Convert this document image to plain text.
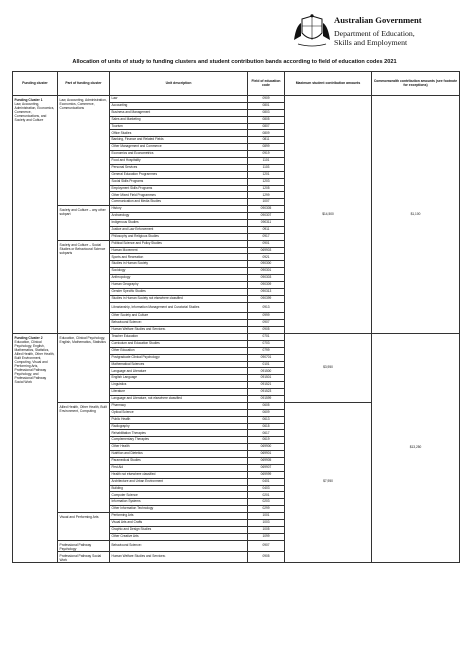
Australian Government
Department of Education,
Skills and Employment
Allocation of units of study to funding clusters and student contribution bands according to field of education codes 2021
Funding cluster	Part of funding cluster	Unit description	Field of education code	Maximum student contribution amounts	Commonwealth contribution amounts (see footnote for exceptions)

Funding Cluster 1
Law, Accounting, Administration, Economics, Commerce, Communications, and Society and Culture	Law, Accounting, Administration, Economics, Commerce, Communications	Law	0909	$14,500	$1,100
		Accounting	0801		
		Business and Management	0803		
		Sales and Marketing	0805		
		Tourism	0807		
		Office Studies	0809		
		Banking, Finance and Related Fields	0811		
		Other Management and Commerce	0899		
		Economics and Econometrics	0919		
		Food and Hospitality	1101		
		Personal Services	1103		
		General Education Programmes	1201		
		Social Skills Programs	1203		
		Employment Skills Programs	1205		
		Other Mixed Field Programmes	1299		
		Communication and Media Studies	1007		
	Society and Culture – any other subpart	History	090305		
		Archaeology	090307		
		Indigenous Studies	090311		
		Justice and Law Enforcement	0911		
		Philosophy and Religious Studies	0917		
	Society and Culture – Social Studies or Behavioural Science subparts	Political Science and Policy Studies	0901		
		Human Movement	069903		
		Sports and Recreation	0921		
		Studies in Human Society	090300		
		Sociology	090301		
		Anthropology	090303		
		Human Geography	090309		
		Gender Specific Studies	090313		
		Studies in Human Society not elsewhere classified	090399		
		Librarianship, Information Management and Curatorial Studies	0913		
		Other Society and Culture	0999		
		Behavioural Science¹	0907		
		Human Welfare Studies and Services¹	0905		

Funding Cluster 2
Education, Clinical Psychology, English, Mathematics, Statistics, Allied Health, Other Health, Built Environment, Computing, Visual and Performing Arts, Professional Pathway Psychology, and Professional Pathway Social Work	Education, Clinical Psychology, English, Mathematics, Statistics	Teacher Education	0701	$3,950	$13,250
		Curriculum and Education Studies	0703		
		Other Education	0799		
		Postgraduate Clinical Psychology²	090701		
		Mathematical Sciences	0101		
		Language and Literature	091500		
		English Language	091501		
		Linguistics	091521		
		Literature	091523		
		Language and Literature, not elsewhere classified	091599		
	Allied Health, Other Health, Built Environment, Computing	Pharmacy	0605	$7,950	
		Optical Science	0609		
		Public Health	0613		
		Radiography	0615		
		Rehabilitation Therapies	0617		
		Complementary Therapies	0619		
		Other Health	069900		
		Nutrition and Dietetics	069901		
		Paramedical Studies	069905		
		First Aid	069907		
		Health not elsewhere classified	069999		
		Architecture and Urban Environment	0401		
		Building	0403		
		Computer Science	0201		
		Information Systems	0203		
		Other Information Technology	0299		
	Visual and Performing Arts	Performing Arts	1001		
		Visual Arts and Crafts	1003		
		Graphic and Design Studies	1005		
		Other Creative Arts	1099		
	Professional Pathway Psychology	Behavioural Science¹	0907		
	Professional Pathway Social Work	Human Welfare Studies and Services¹	0905		
